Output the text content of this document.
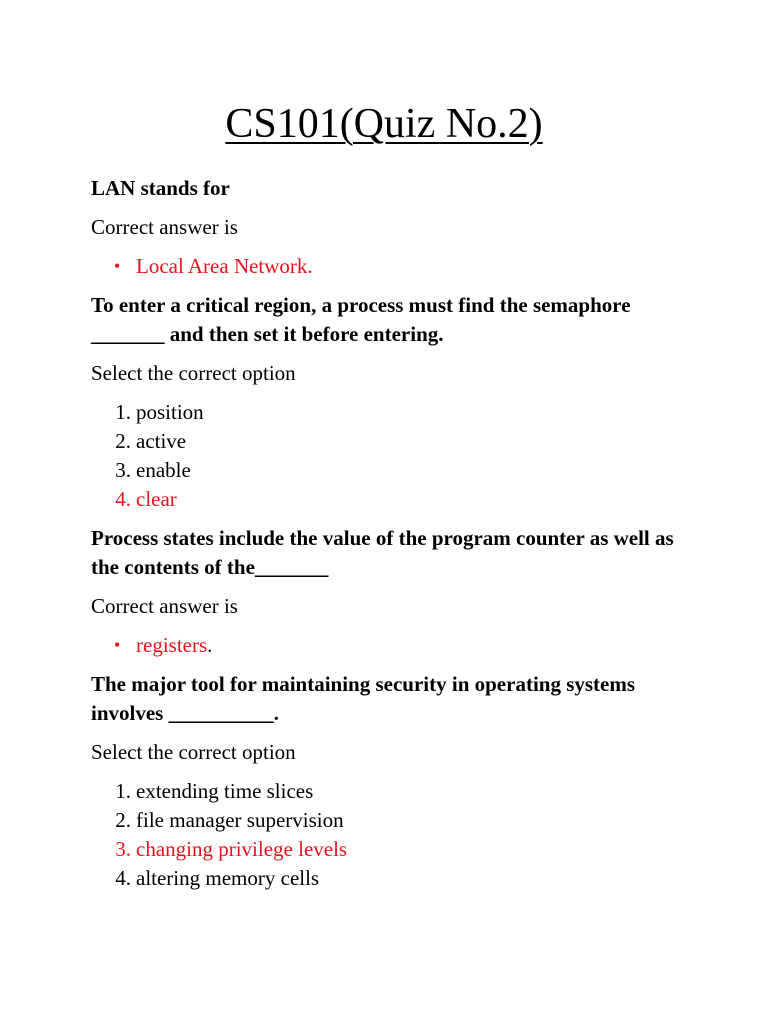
CS101(Quiz No.2)
LAN stands for
Correct answer is
• Local Area Network.
To enter a critical region, a process must find the semaphore _______ and then set it before entering.
Select the correct option
1. position
2. active
3. enable
4. clear
Process states include the value of the program counter as well as the contents of the_______
Correct answer is
• registers.
The major tool for maintaining security in operating systems involves __________.
Select the correct option
1. extending time slices
2. file manager supervision
3. changing privilege levels
4. altering memory cells
